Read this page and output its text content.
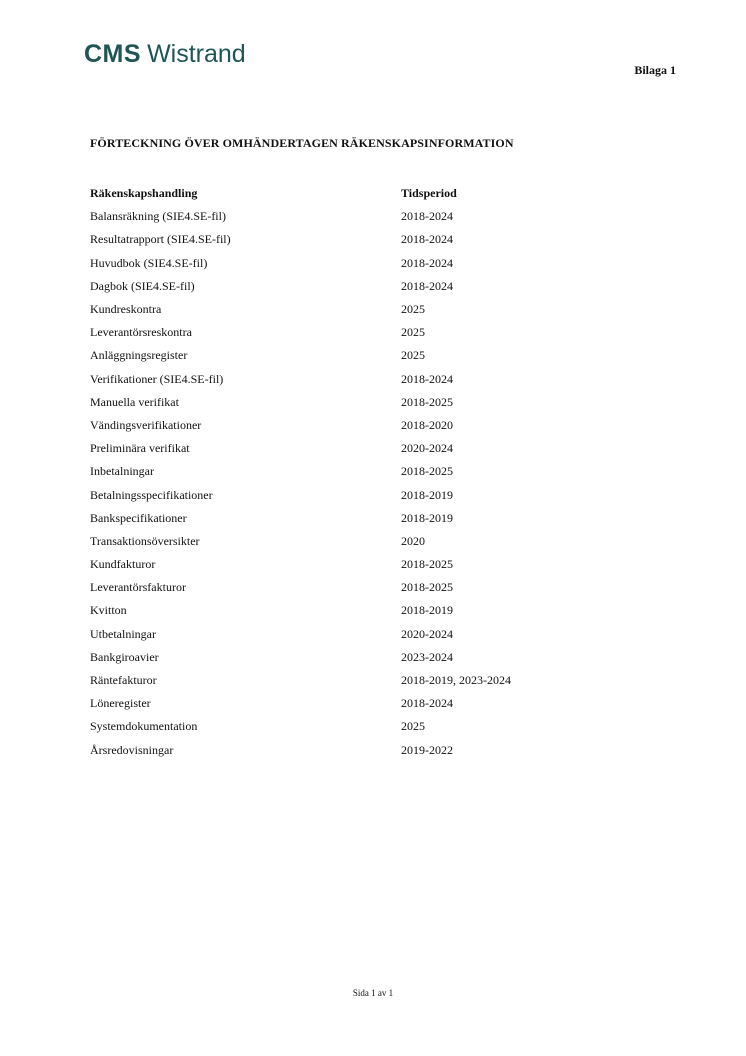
CMS Wistrand
Bilaga 1
FÖRTECKNING ÖVER OMHÄNDERTAGEN RÄKENSKAPSINFORMATION
Räkenskapshandling	Tidsperiod
Balansräkning (SIE4.SE-fil)	2018-2024
Resultatrapport (SIE4.SE-fil)	2018-2024
Huvudbok (SIE4.SE-fil)	2018-2024
Dagbok (SIE4.SE-fil)	2018-2024
Kundreskontra	2025
Leverantörsreskontra	2025
Anläggningsregister	2025
Verifikationer (SIE4.SE-fil)	2018-2024
Manuella verifikat	2018-2025
Vändingsverifikationer	2018-2020
Preliminära verifikat	2020-2024
Inbetalningar	2018-2025
Betalningsspecifikationer	2018-2019
Bankspecifikationer	2018-2019
Transaktionsöversikter	2020
Kundfakturor	2018-2025
Leverantörsfakturor	2018-2025
Kvitton	2018-2019
Utbetalningar	2020-2024
Bankgiroavier	2023-2024
Räntefakturor	2018-2019, 2023-2024
Löneregister	2018-2024
Systemdokumentation	2025
Årsredovisningar	2019-2022
Sida 1 av 1
